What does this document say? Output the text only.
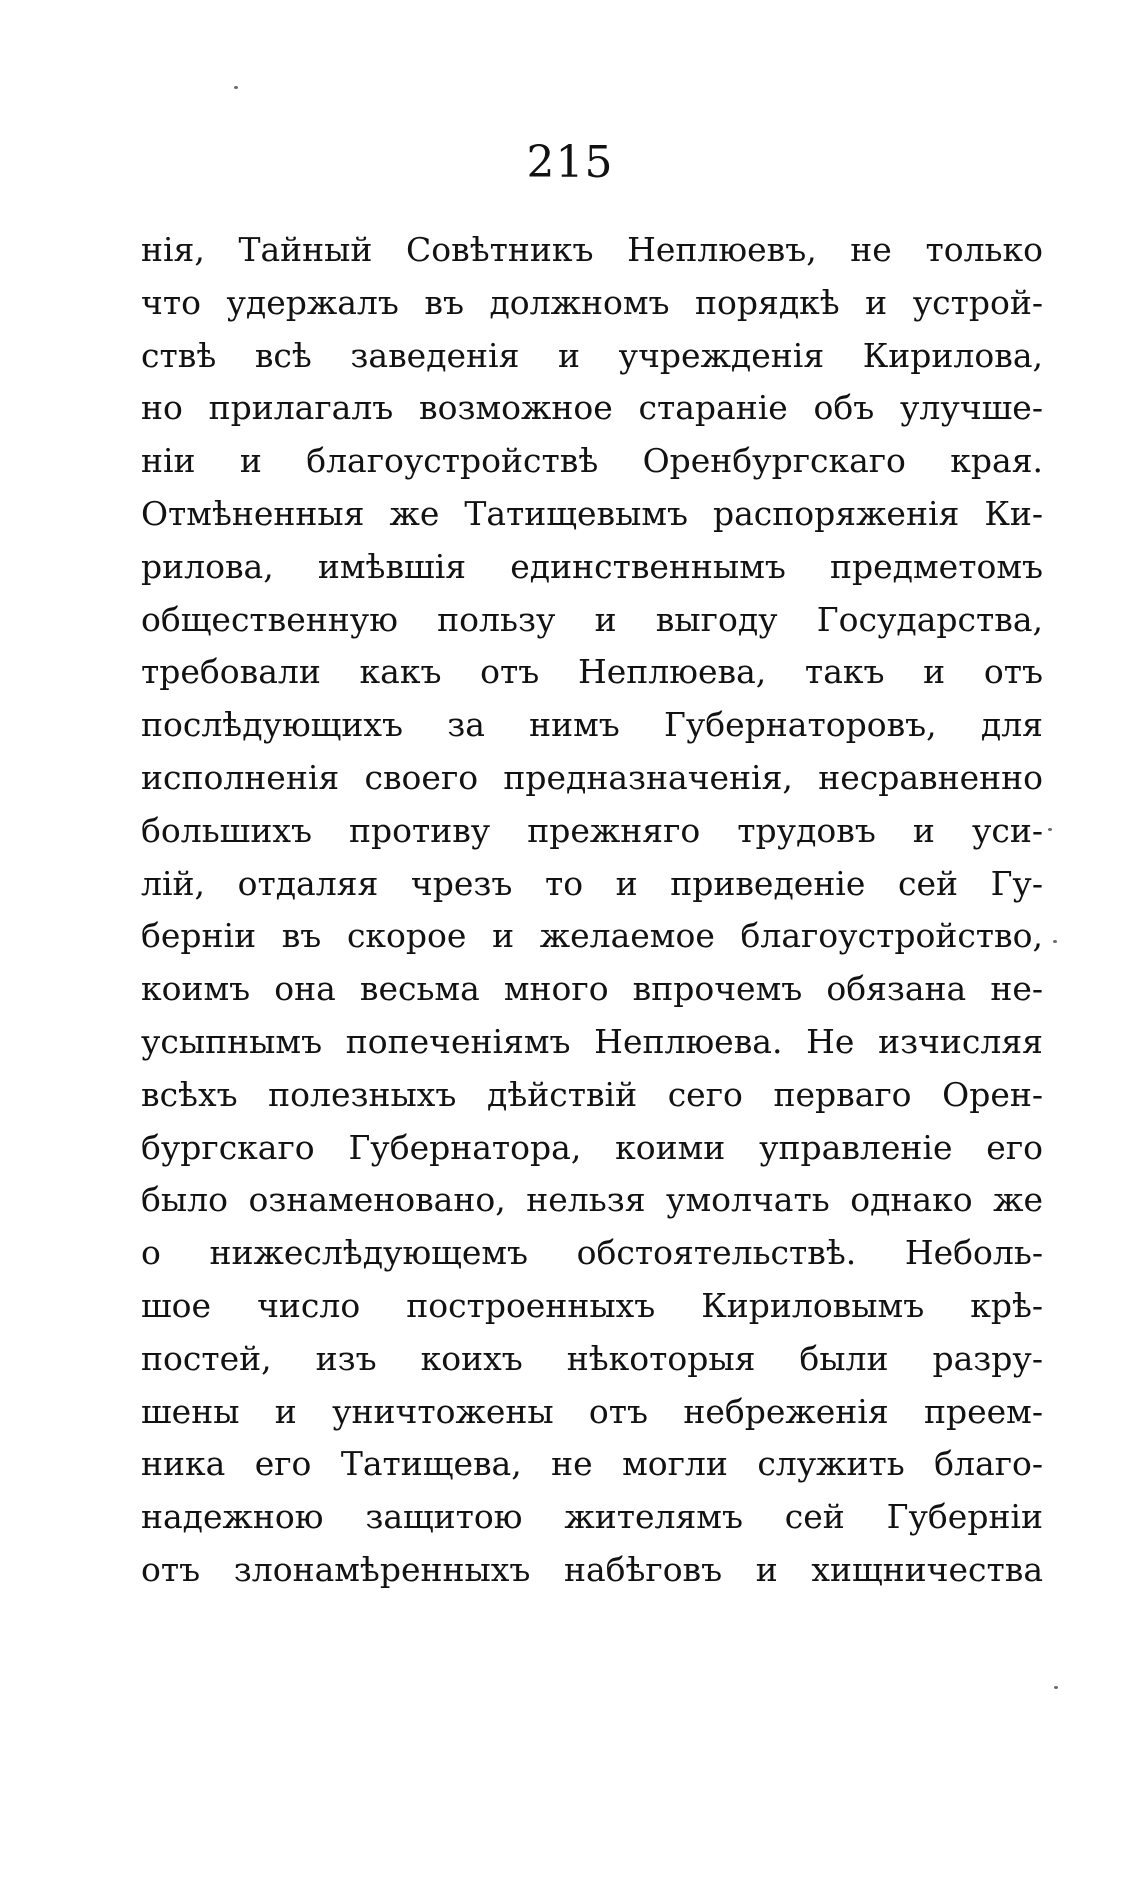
215
нія, Тайный Совѣтникъ Неплюевъ, не только
что удержалъ въ должномъ порядкѣ и устрой-
ствѣ всѣ заведенія и учрежденія Кирилова,
но прилагалъ возможное стараніе объ улучше-
ніи и благоустройствѣ Оренбургскаго края.
Отмѣненныя же Татищевымъ распоряженія Ки-
рилова, имѣвшія единственнымъ предметомъ
общественную пользу и выгоду Государства,
требовали какъ отъ Неплюева, такъ и отъ
послѣдующихъ за нимъ Губернаторовъ, для
исполненія своего предназначенія, несравненно
большихъ противу прежняго трудовъ и уси-
лій, отдаляя чрезъ то и приведеніе сей Гу-
берніи въ скорое и желаемое благоустройство,
коимъ она весьма много впрочемъ обязана не-
усыпнымъ попеченіямъ Неплюева. Не изчисляя
всѣхъ полезныхъ дѣйствій сего перваго Орен-
бургскаго Губернатора, коими управленіе его
было ознаменовано, нельзя умолчать однако же
о нижеслѣдующемъ обстоятельствѣ. Неболь-
шое число построенныхъ Кириловымъ крѣ-
постей, изъ коихъ нѣкоторыя были разру-
шены и уничтожены отъ небреженія преем-
ника его Татищева, не могли служить благо-
надежною защитою жителямъ сей Губерніи
отъ злонамѣренныхъ набѣговъ и хищничества
